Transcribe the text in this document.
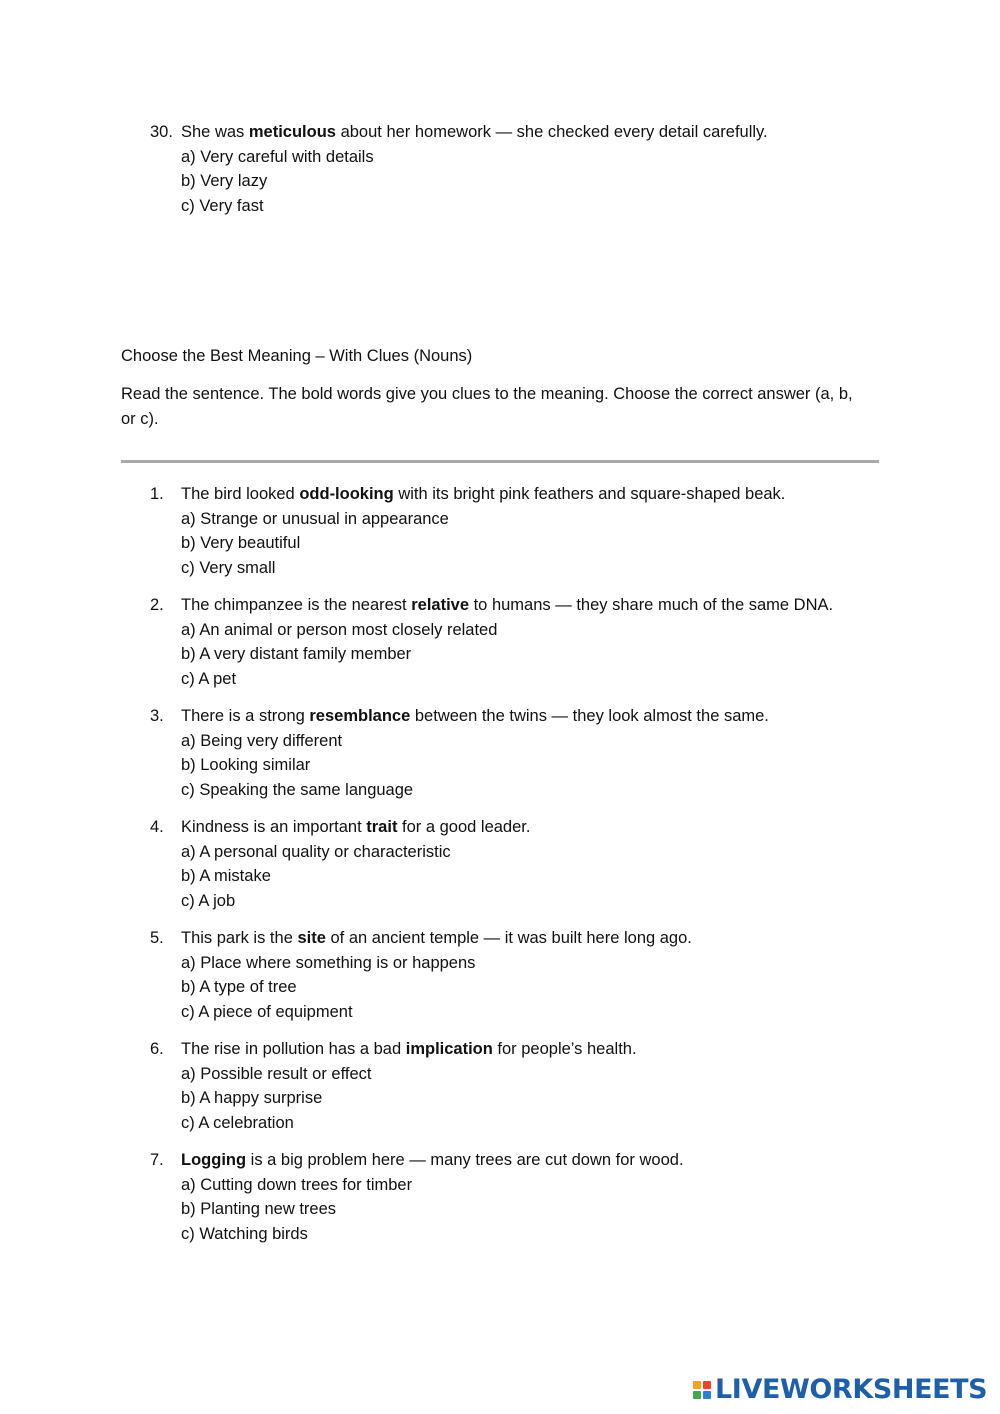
30. She was meticulous about her homework — she checked every detail carefully.
a) Very careful with details
b) Very lazy
c) Very fast
Choose the Best Meaning – With Clues (Nouns)
Read the sentence. The bold words give you clues to the meaning. Choose the correct answer (a, b, or c).
1. The bird looked odd-looking with its bright pink feathers and square-shaped beak.
a) Strange or unusual in appearance
b) Very beautiful
c) Very small
2. The chimpanzee is the nearest relative to humans — they share much of the same DNA.
a) An animal or person most closely related
b) A very distant family member
c) A pet
3. There is a strong resemblance between the twins — they look almost the same.
a) Being very different
b) Looking similar
c) Speaking the same language
4. Kindness is an important trait for a good leader.
a) A personal quality or characteristic
b) A mistake
c) A job
5. This park is the site of an ancient temple — it was built here long ago.
a) Place where something is or happens
b) A type of tree
c) A piece of equipment
6. The rise in pollution has a bad implication for people’s health.
a) Possible result or effect
b) A happy surprise
c) A celebration
7. Logging is a big problem here — many trees are cut down for wood.
a) Cutting down trees for timber
b) Planting new trees
c) Watching birds
LIVEWORKSHEETS
